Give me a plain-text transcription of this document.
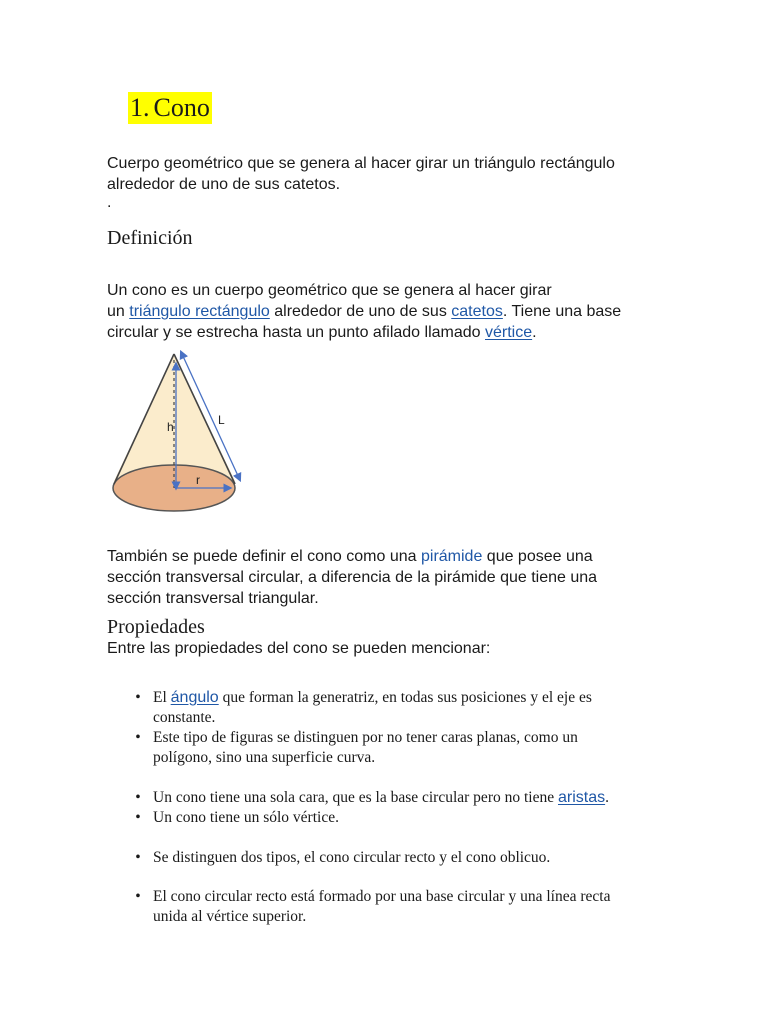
1. Cono
Cuerpo geométrico que se genera al hacer girar un triángulo rectángulo
alrededor de uno de sus catetos.
.
Definición
Un cono es un cuerpo geométrico que se genera al hacer girar
un triángulo rectángulo alrededor de uno de sus catetos. Tiene una base
circular y se estrecha hasta un punto afilado llamado vértice.
h	L
r
También se puede definir el cono como una pirámide que posee una
sección transversal circular, a diferencia de la pirámide que tiene una
sección transversal triangular.
Propiedades
Entre las propiedades del cono se pueden mencionar:
• El ángulo que forman la generatriz, en todas sus posiciones y el eje es
constante.
• Este tipo de figuras se distinguen por no tener caras planas, como un
polígono, sino una superficie curva.
• Un cono tiene una sola cara, que es la base circular pero no tiene aristas.
• Un cono tiene un sólo vértice.
• Se distinguen dos tipos, el cono circular recto y el cono oblicuo.
• El cono circular recto está formado por una base circular y una línea recta
unida al vértice superior.
